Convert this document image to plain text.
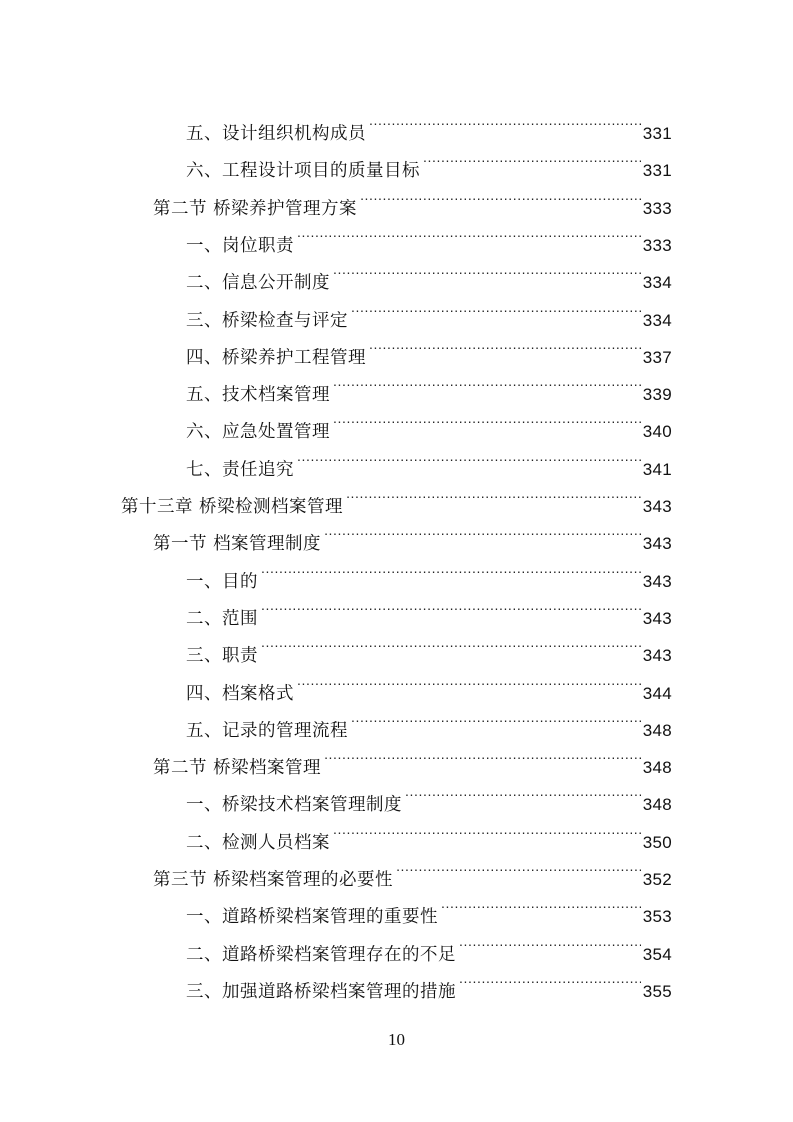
五、设计组织机构成员 .....	331
六、工程设计项目的质量目标 .....	331
第二节 桥梁养护管理方案 .....	333
一、岗位职责 .....	333
二、信息公开制度 .....	334
三、桥梁检查与评定 .....	334
四、桥梁养护工程管理 .....	337
五、技术档案管理 .....	339
六、应急处置管理 .....	340
七、责任追究 .....	341
第十三章 桥梁检测档案管理 .....	343
第一节 档案管理制度 .....	343
一、目的 .....	343
二、范围 .....	343
三、职责 .....	343
四、档案格式 .....	344
五、记录的管理流程 .....	348
第二节 桥梁档案管理 .....	348
一、桥梁技术档案管理制度 .....	348
二、检测人员档案 .....	350
第三节 桥梁档案管理的必要性 .....	352
一、道路桥梁档案管理的重要性 .....	353
二、道路桥梁档案管理存在的不足 .....	354
三、加强道路桥梁档案管理的措施 .....	355
10
